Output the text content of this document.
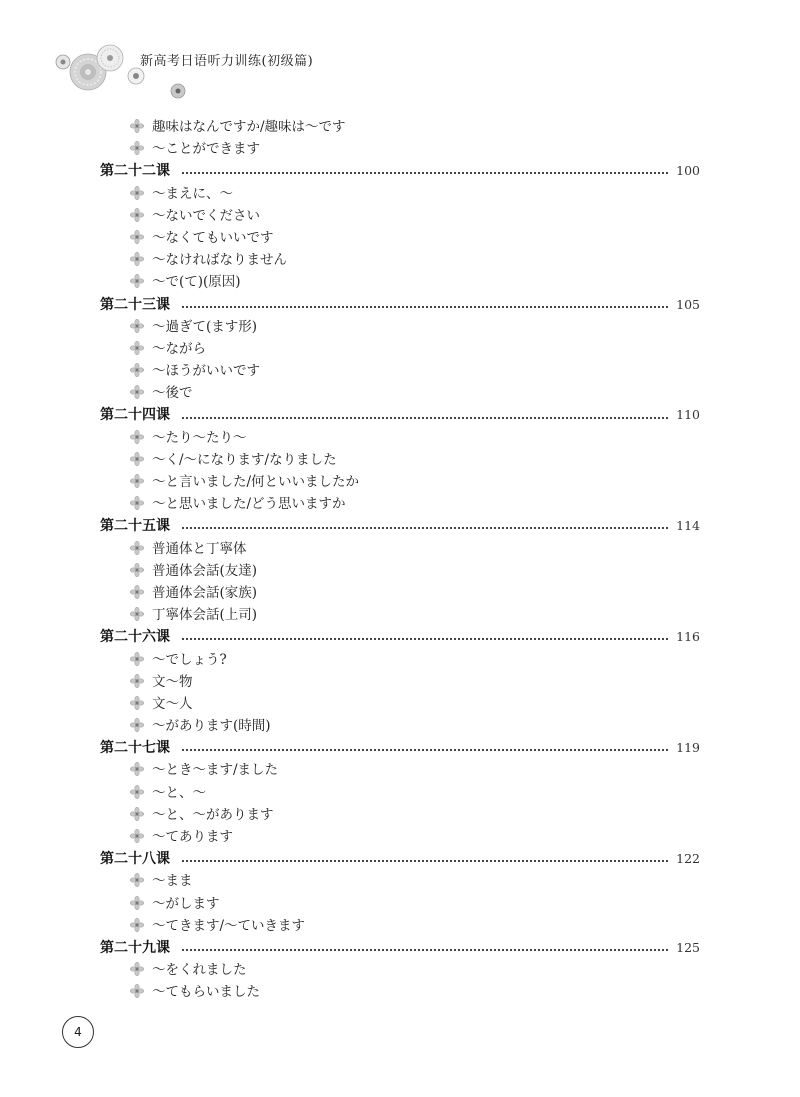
新高考日语听力训练(初级篇)
趣味はなんですか/趣味は～です
～ことができます
第二十二课	100
～まえに、～
～ないでください
～なくてもいいです
～なければなりません
～で(て)(原因)
第二十三课	105
～過ぎて(ます形)
～ながら
～ほうがいいです
～後で
第二十四课	110
～たり～たり～
～く/～になります/なりました
～と言いました/何といいましたか
～と思いました/どう思いますか
第二十五课	114
普通体と丁寧体
普通体会話(友達)
普通体会話(家族)
丁寧体会話(上司)
第二十六课	116
～でしょう?
文～物
文～人
～があります(時間)
第二十七课	119
～とき～ます/ました
～と、～
～と、～があります
～てあります
第二十八课	122
～まま
～がします
～てきます/～ていきます
第二十九课	125
～をくれました
～てもらいました
4
